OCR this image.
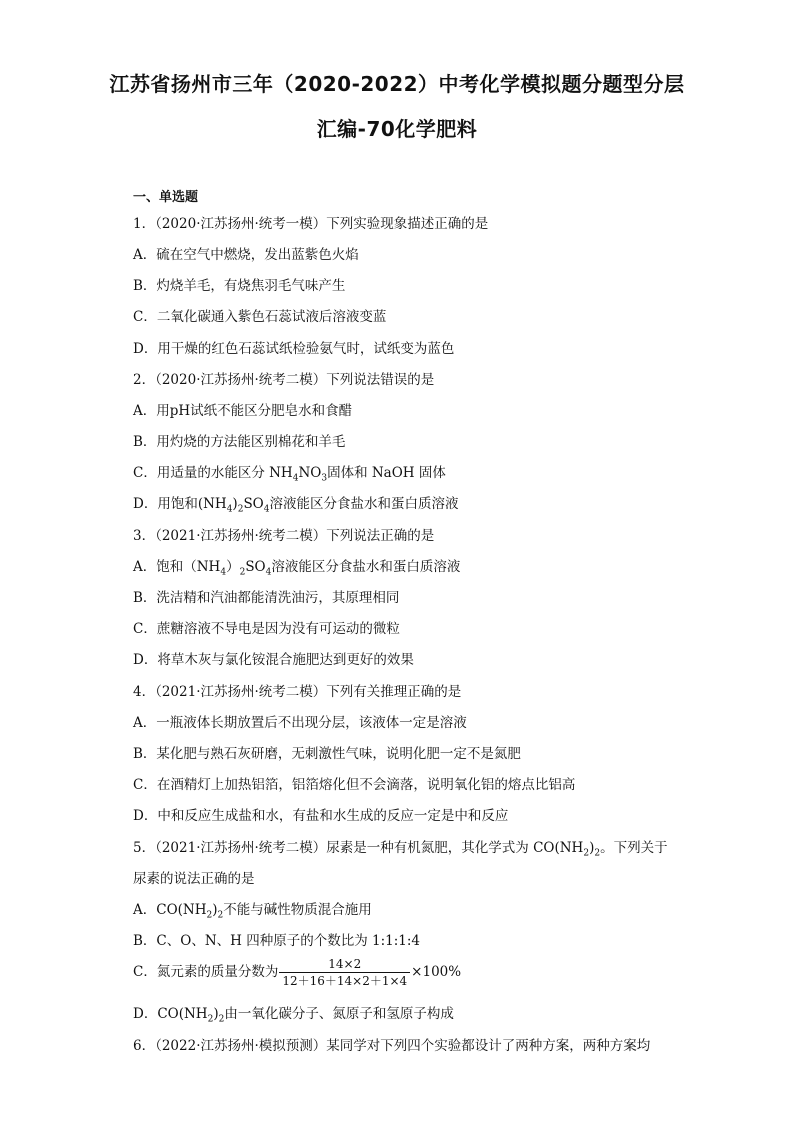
江苏省扬州市三年（2020-2022）中考化学模拟题分题型分层
汇编-70化学肥料
一、单选题
1．（2020·江苏扬州·统考一模）下列实验现象描述正确的是
A．硫在空气中燃烧，发出蓝紫色火焰
B．灼烧羊毛，有烧焦羽毛气味产生
C．二氧化碳通入紫色石蕊试液后溶液变蓝
D．用干燥的红色石蕊试纸检验氨气时，试纸变为蓝色
2．（2020·江苏扬州·统考二模）下列说法错误的是
A．用pH试纸不能区分肥皂水和食醋
B．用灼烧的方法能区别棉花和羊毛
C．用适量的水能区分 $NH_4NO_3$固体和 NaOH 固体
D．用饱和$(NH_4)_2SO_4$溶液能区分食盐水和蛋白质溶液
3．（2021·江苏扬州·统考二模）下列说法正确的是
A．饱和$(NH_4)_2SO_4$溶液能区分食盐水和蛋白质溶液
B．洗洁精和汽油都能清洗油污，其原理相同
C．蔗糖溶液不导电是因为没有可运动的微粒
D．将草木灰与氯化铵混合施肥达到更好的效果
4．（2021·江苏扬州·统考二模）下列有关推理正确的是
A．一瓶液体长期放置后不出现分层，该液体一定是溶液
B．某化肥与熟石灰研磨，无刺激性气味，说明化肥一定不是氮肥
C．在酒精灯上加热铝箔，铝箔熔化但不会滴落，说明氧化铝的熔点比铝高
D．中和反应生成盐和水，有盐和水生成的反应一定是中和反应
5．（2021·江苏扬州·统考二模）尿素是一种有机氮肥，其化学式为 $CO(NH_2)_2$。下列关于
尿素的说法正确的是
A．$CO(NH_2)_2$不能与碱性物质混合施用
B．C、O、N、H 四种原子的个数比为 1:1:1:4
C．氮元素的质量分数为 $\frac{14\times 2}{12+16+14\times 2+1\times 4} \times 100\%$
D．$CO(NH_2)_2$由一氧化碳分子、氮原子和氢原子构成
6．（2022·江苏扬州·模拟预测）某同学对下列四个实验都设计了两种方案，两种方案均
